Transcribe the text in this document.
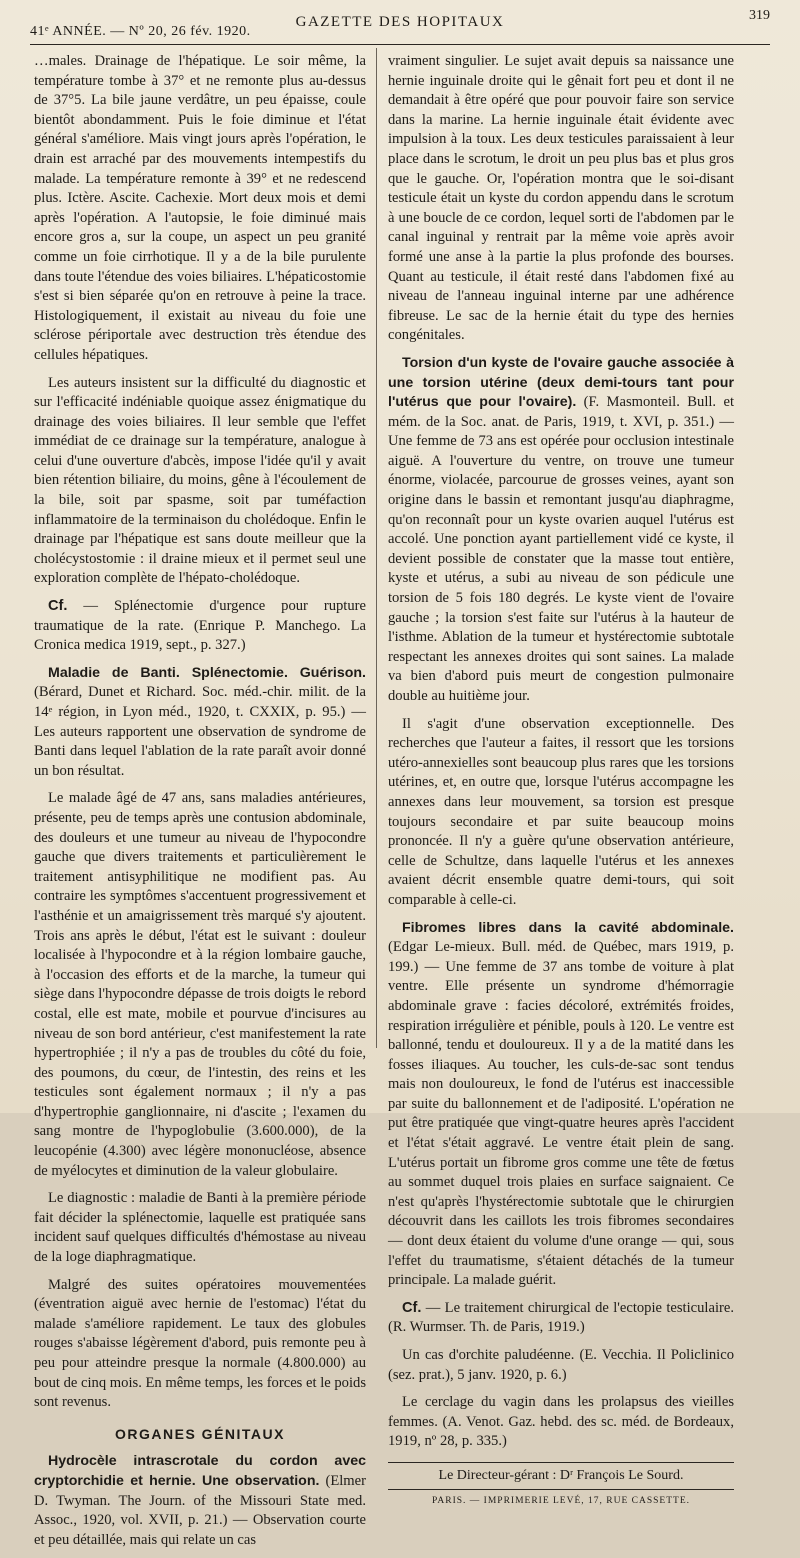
41ᵉ ANNÉE. — Nº 20, 26 fév. 1920.
GAZETTE DES HOPITAUX	319

…males. Drainage de l'hépatique. Le soir même, la température tombe à 37° et ne remonte plus au-dessus de 37°5. La bile jaune verdâtre, un peu épaisse, coule bientôt abondamment. Puis le foie diminue et l'état général s'améliore. Mais vingt jours après l'opération, le drain est arraché par des mouvements intempestifs du malade. La température remonte à 39° et ne redescend plus. Ictère. Ascite. Cachexie. Mort deux mois et demi après l'opération. A l'autopsie, le foie diminué mais encore gros a, sur la coupe, un aspect un peu granité comme un foie cirrhotique. Il y a de la bile purulente dans toute l'étendue des voies biliaires. L'hépaticostomie s'est si bien séparée qu'on en retrouve à peine la trace. Histologiquement, il existait au niveau du foie une sclérose périportale avec destruction très étendue des cellules hépatiques.

Les auteurs insistent sur la difficulté du diagnostic et sur l'efficacité indéniable quoique assez énigmatique du drainage des voies biliaires. Il leur semble que l'effet immédiat de ce drainage sur la température, analogue à celui d'une ouverture d'abcès, impose l'idée qu'il y avait bien rétention biliaire, du moins, gêne à l'écoulement de la bile, soit par spasme, soit par tuméfaction inflammatoire de la terminaison du cholédoque. Enfin le drainage par l'hépatique est sans doute meilleur que la cholécystostomie : il draine mieux et il permet seul une exploration complète de l'hépato-cholédoque.

Cf. — Splénectomie d'urgence pour rupture traumatique de la rate. (Enrique P. Manchego. La Cronica medica 1919, sept., p. 327.)

Maladie de Banti. Splénectomie. Guérison. (Bérard, Dunet et Richard. Soc. méd.-chir. milit. de la 14ᵉ région, in Lyon méd., 1920, t. CXXIX, p. 95.) — Les auteurs rapportent une observation de syndrome de Banti dans lequel l'ablation de la rate paraît avoir donné un bon résultat.

Le malade âgé de 47 ans, sans maladies antérieures, présente, peu de temps après une contusion abdominale, des douleurs et une tumeur au niveau de l'hypocondre gauche que divers traitements et particulièrement le traitement antisyphilitique ne modifient pas. Au contraire les symptômes s'accentuent progressivement et l'asthénie et un amaigrissement très marqué s'y ajoutent. Trois ans après le début, l'état est le suivant : douleur localisée à l'hypocondre et à la région lombaire gauche, à l'occasion des efforts et de la marche, la tumeur qui siège dans l'hypocondre dépasse de trois doigts le rebord costal, elle est mate, mobile et pourvue d'incisures au niveau de son bord antérieur, c'est manifestement la rate hypertrophiée ; il n'y a pas de troubles du côté du foie, des poumons, du cœur, de l'intestin, des reins et les testicules sont également normaux ; il n'y a pas d'hypertrophie ganglionnaire, ni d'ascite ; l'examen du sang montre de l'hypoglobulie (3.600.000), de la leucopénie (4.300) avec légère mononucléose, absence de myélocytes et diminution de la valeur globulaire.

Le diagnostic : maladie de Banti à la première période fait décider la splénectomie, laquelle est pratiquée sans incident sauf quelques difficultés d'hémostase au niveau de la loge diaphragmatique.

Malgré des suites opératoires mouvementées (éventration aiguë avec hernie de l'estomac) l'état du malade s'améliore rapidement. Le taux des globules rouges s'abaisse légèrement d'abord, puis remonte peu à peu pour atteindre presque la normale (4.800.000) au bout de cinq mois. En même temps, les forces et le poids sont revenus.

ORGANES GÉNITAUX

Hydrocèle intrascrotale du cordon avec cryptorchidie et hernie. Une observation. (Elmer D. Twyman. The Journ. of the Missouri State med. Assoc., 1920, vol. XVII, p. 21.) — Observation courte et peu détaillée, mais qui relate un cas

vraiment singulier. Le sujet avait depuis sa naissance une hernie inguinale droite qui le gênait fort peu et dont il ne demandait à être opéré que pour pouvoir faire son service dans la marine. La hernie inguinale était évidente avec impulsion à la toux. Les deux testicules paraissaient à leur place dans le scrotum, le droit un peu plus bas et plus gros que le gauche. Or, l'opération montra que le soi-disant testicule était un kyste du cordon appendu dans le scrotum à une boucle de ce cordon, lequel sorti de l'abdomen par le canal inguinal y rentrait par la même voie après avoir formé une anse à la partie la plus profonde des bourses. Quant au testicule, il était resté dans l'abdomen fixé au niveau de l'anneau inguinal interne par une adhérence fibreuse. Le sac de la hernie était du type des hernies congénitales.

Torsion d'un kyste de l'ovaire gauche associée à une torsion utérine (deux demi-tours tant pour l'utérus que pour l'ovaire). (F. Masmonteil. Bull. et mém. de la Soc. anat. de Paris, 1919, t. XVI, p. 351.) — Une femme de 73 ans est opérée pour occlusion intestinale aiguë. A l'ouverture du ventre, on trouve une tumeur énorme, violacée, parcourue de grosses veines, ayant son origine dans le bassin et remontant jusqu'au diaphragme, qu'on reconnaît pour un kyste ovarien auquel l'utérus est accolé. Une ponction ayant partiellement vidé ce kyste, il devient possible de constater que la masse tout entière, kyste et utérus, a subi au niveau de son pédicule une torsion de 5 fois 180 degrés. Le kyste vient de l'ovaire gauche ; la torsion s'est faite sur l'utérus à la hauteur de l'isthme. Ablation de la tumeur et hystérectomie subtotale respectant les annexes droites qui sont saines. La malade va bien d'abord puis meurt de congestion pulmonaire double au huitième jour.

Il s'agit d'une observation exceptionnelle. Des recherches que l'auteur a faites, il ressort que les torsions utéro-annexielles sont beaucoup plus rares que les torsions utérines, et, en outre que, lorsque l'utérus accompagne les annexes dans leur mouvement, sa torsion est presque toujours secondaire et par suite beaucoup moins prononcée. Il n'y a guère qu'une observation antérieure, celle de Schultze, dans laquelle l'utérus et les annexes avaient décrit ensemble quatre demi-tours, qui soit comparable à celle-ci.

Fibromes libres dans la cavité abdominale. (Edgar Le-mieux. Bull. méd. de Québec, mars 1919, p. 199.) — Une femme de 37 ans tombe de voiture à plat ventre. Elle présente un syndrome d'hémorragie abdominale grave : facies décoloré, extrémités froides, respiration irrégulière et pénible, pouls à 120. Le ventre est ballonné, tendu et douloureux. Il y a de la matité dans les fosses iliaques. Au toucher, les culs-de-sac sont tendus mais non douloureux, le fond de l'utérus est inaccessible par suite du ballonnement et de l'adiposité. L'opération ne put être pratiquée que vingt-quatre heures après l'accident et l'état s'était aggravé. Le ventre était plein de sang. L'utérus portait un fibrome gros comme une tête de fœtus au sommet duquel trois plaies en surface saignaient. Ce n'est qu'après l'hystérectomie subtotale que le chirurgien découvrit dans les caillots les trois fibromes secondaires — dont deux étaient du volume d'une orange — qui, sous l'effet du traumatisme, s'étaient détachés de la tumeur principale. La malade guérit.

Cf. — Le traitement chirurgical de l'ectopie testiculaire. (R. Wurmser. Th. de Paris, 1919.)

Un cas d'orchite paludéenne. (E. Vecchia. Il Policlinico (sez. prat.), 5 janv. 1920, p. 6.)

Le cerclage du vagin dans les prolapsus des vieilles femmes. (A. Venot. Gaz. hebd. des sc. méd. de Bordeaux, 1919, nº 28, p. 335.)

Le Directeur-gérant : Dʳ François Le Sourd.
PARIS. — IMPRIMERIE LEVÉ, 17, RUE CASSETTE.
